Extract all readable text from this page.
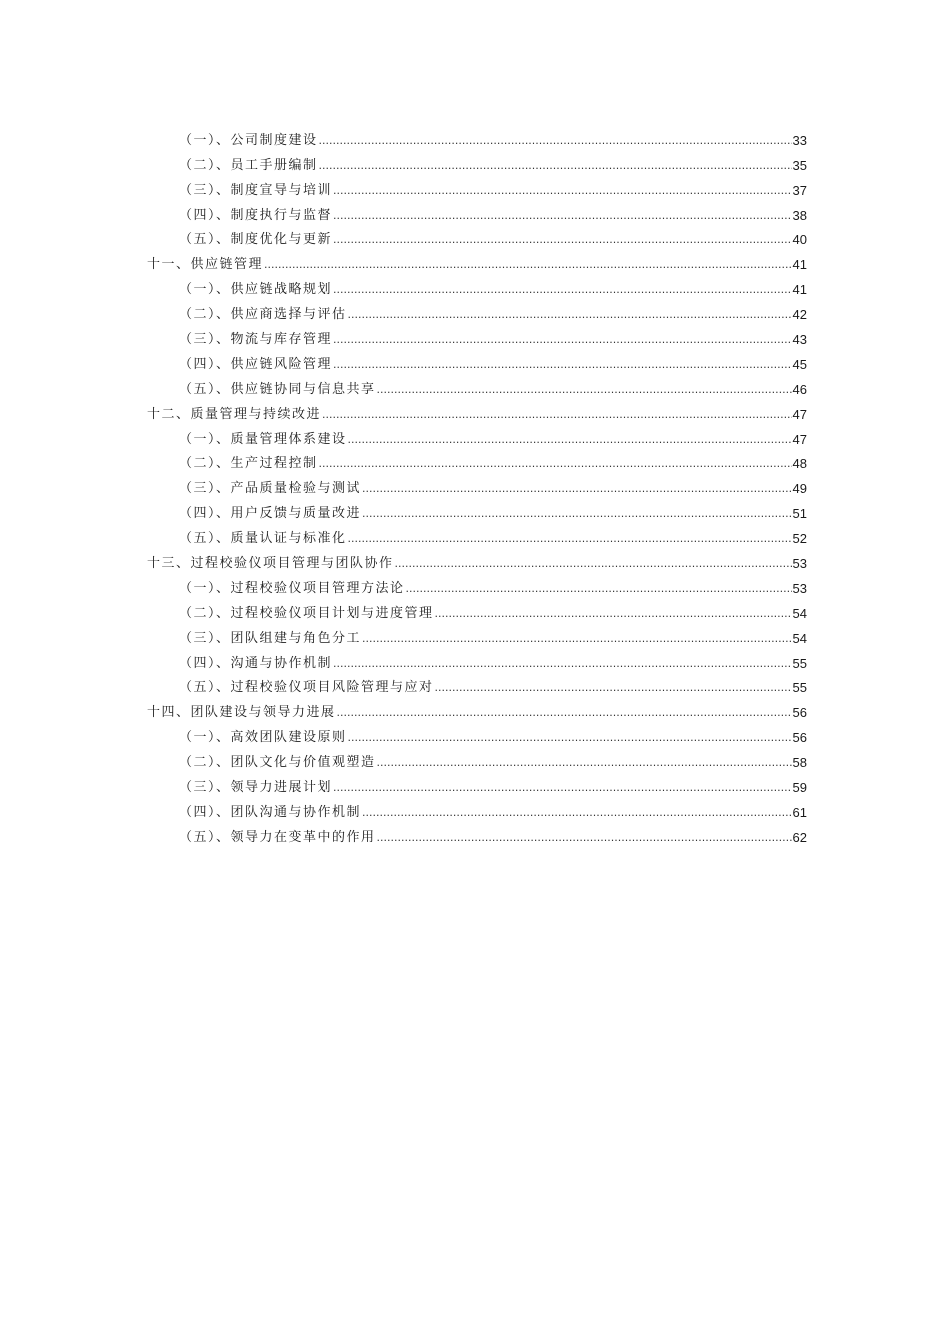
（一）、公司制度建设 .....	33
（二）、员工手册编制 .....	35
（三）、制度宣导与培训 .....	37
（四）、制度执行与监督 .....	38
（五）、制度优化与更新 .....	40
十一、供应链管理 .....	41
（一）、供应链战略规划 .....	41
（二）、供应商选择与评估 .....	42
（三）、物流与库存管理 .....	43
（四）、供应链风险管理 .....	45
（五）、供应链协同与信息共享 .....	46
十二、质量管理与持续改进 .....	47
（一）、质量管理体系建设 .....	47
（二）、生产过程控制 .....	48
（三）、产品质量检验与测试 .....	49
（四）、用户反馈与质量改进 .....	51
（五）、质量认证与标准化 .....	52
十三、过程校验仪项目管理与团队协作 .....	53
（一）、过程校验仪项目管理方法论 .....	53
（二）、过程校验仪项目计划与进度管理 .....	54
（三）、团队组建与角色分工 .....	54
（四）、沟通与协作机制 .....	55
（五）、过程校验仪项目风险管理与应对 .....	55
十四、团队建设与领导力进展 .....	56
（一）、高效团队建设原则 .....	56
（二）、团队文化与价值观塑造 .....	58
（三）、领导力进展计划 .....	59
（四）、团队沟通与协作机制 .....	61
（五）、领导力在变革中的作用 .....	62
